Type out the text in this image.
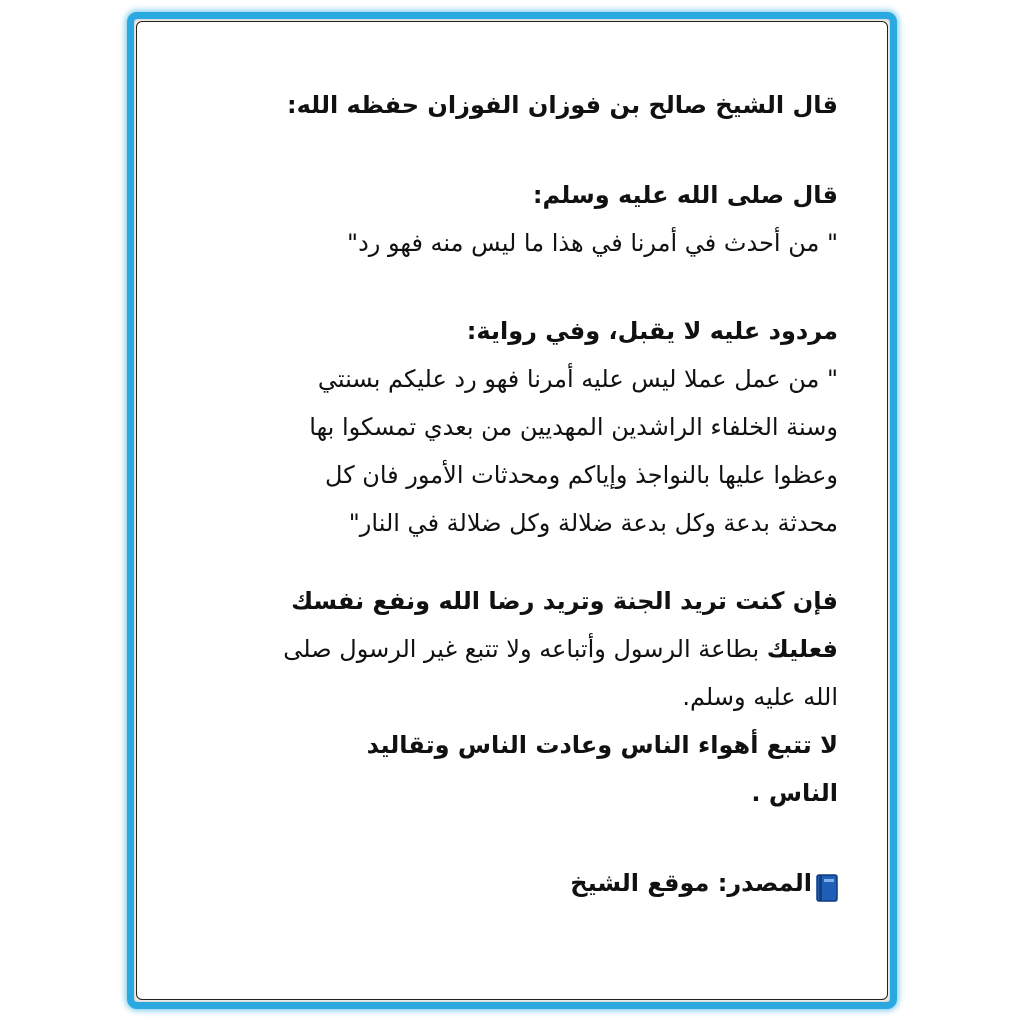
قال الشيخ صالح بن فوزان الفوزان حفظه الله:
قال صلى الله عليه وسلم:
" من أحدث في أمرنا في هذا ما ليس منه فهو رد"
مردود عليه لا يقبل، وفي رواية:
" من عمل عملا ليس عليه أمرنا فهو رد عليكم بسنتي
وسنة الخلفاء الراشدين المهديين من بعدي تمسكوا بها
وعظوا عليها بالنواجذ وإياكم ومحدثات الأمور فان كل
محدثة بدعة وكل بدعة ضلالة وكل ضلالة في النار"
فإن كنت تريد الجنة وتريد رضا الله ونفع نفسك
فعليك بطاعة الرسول وأتباعه ولا تتبع غير الرسول صلى
الله عليه وسلم.
لا تتبع أهواء الناس وعادت الناس وتقاليد
الناس .
المصدر: موقع الشيخ
